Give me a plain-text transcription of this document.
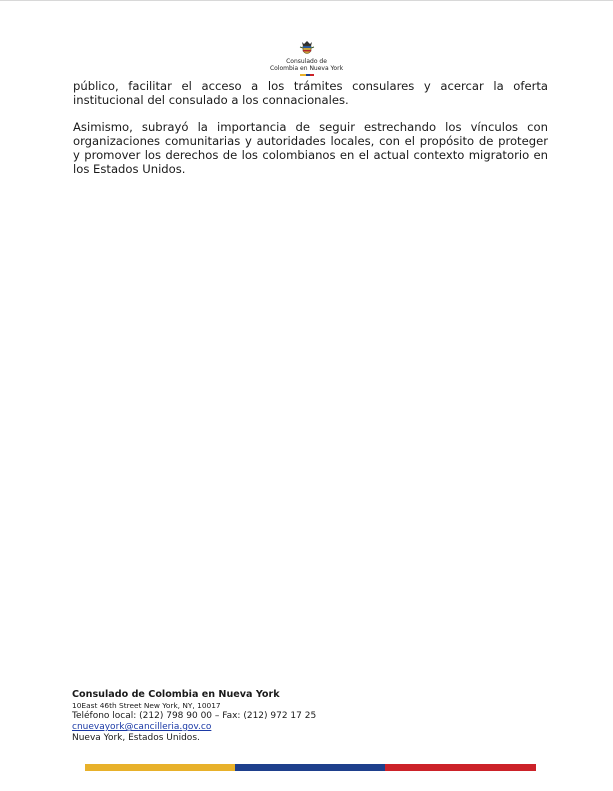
Consulado de
Colombia en Nueva York

público, facilitar el acceso a los trámites consulares y acercar la oferta institucional del consulado a los connacionales.

Asimismo, subrayó la importancia de seguir estrechando los vínculos con organizaciones comunitarias y autoridades locales, con el propósito de proteger y promover los derechos de los colombianos en el actual contexto migratorio en los Estados Unidos.

Consulado de Colombia en Nueva York
10East 46th Street New York, NY, 10017
Teléfono local: (212) 798 90 00 – Fax: (212) 972 17 25
cnuevayork@cancilleria.gov.co
Nueva York, Estados Unidos.
